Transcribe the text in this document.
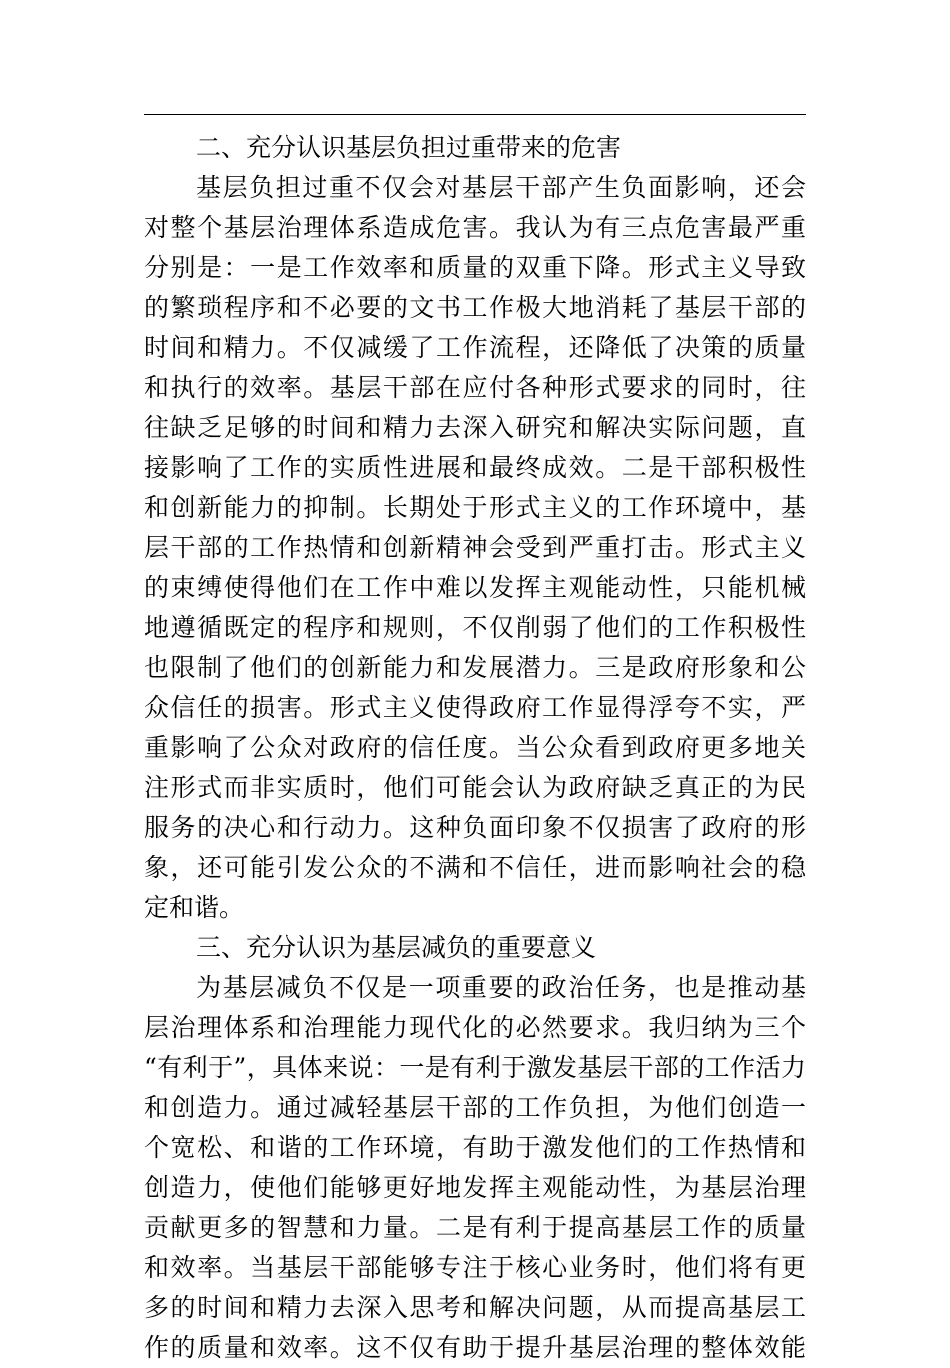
二、充分认识基层负担过重带来的危害
基层负担过重不仅会对基层干部产生负面影响，还会
对整个基层治理体系造成危害。我认为有三点危害最严重
分别是：一是工作效率和质量的双重下降。形式主义导致
的繁琐程序和不必要的文书工作极大地消耗了基层干部的
时间和精力。不仅减缓了工作流程，还降低了决策的质量
和执行的效率。基层干部在应付各种形式要求的同时，往
往缺乏足够的时间和精力去深入研究和解决实际问题，直
接影响了工作的实质性进展和最终成效。二是干部积极性
和创新能力的抑制。长期处于形式主义的工作环境中，基
层干部的工作热情和创新精神会受到严重打击。形式主义
的束缚使得他们在工作中难以发挥主观能动性，只能机械
地遵循既定的程序和规则，不仅削弱了他们的工作积极性
也限制了他们的创新能力和发展潜力。三是政府形象和公
众信任的损害。形式主义使得政府工作显得浮夸不实，严
重影响了公众对政府的信任度。当公众看到政府更多地关
注形式而非实质时，他们可能会认为政府缺乏真正的为民
服务的决心和行动力。这种负面印象不仅损害了政府的形
象，还可能引发公众的不满和不信任，进而影响社会的稳
定和谐。
三、充分认识为基层减负的重要意义
为基层减负不仅是一项重要的政治任务，也是推动基
层治理体系和治理能力现代化的必然要求。我归纳为三个
“有利于”，具体来说：一是有利于激发基层干部的工作活力
和创造力。通过减轻基层干部的工作负担，为他们创造一
个宽松、和谐的工作环境，有助于激发他们的工作热情和
创造力，使他们能够更好地发挥主观能动性，为基层治理
贡献更多的智慧和力量。二是有利于提高基层工作的质量
和效率。当基层干部能够专注于核心业务时，他们将有更
多的时间和精力去深入思考和解决问题，从而提高基层工
作的质量和效率。这不仅有助于提升基层治理的整体效能
